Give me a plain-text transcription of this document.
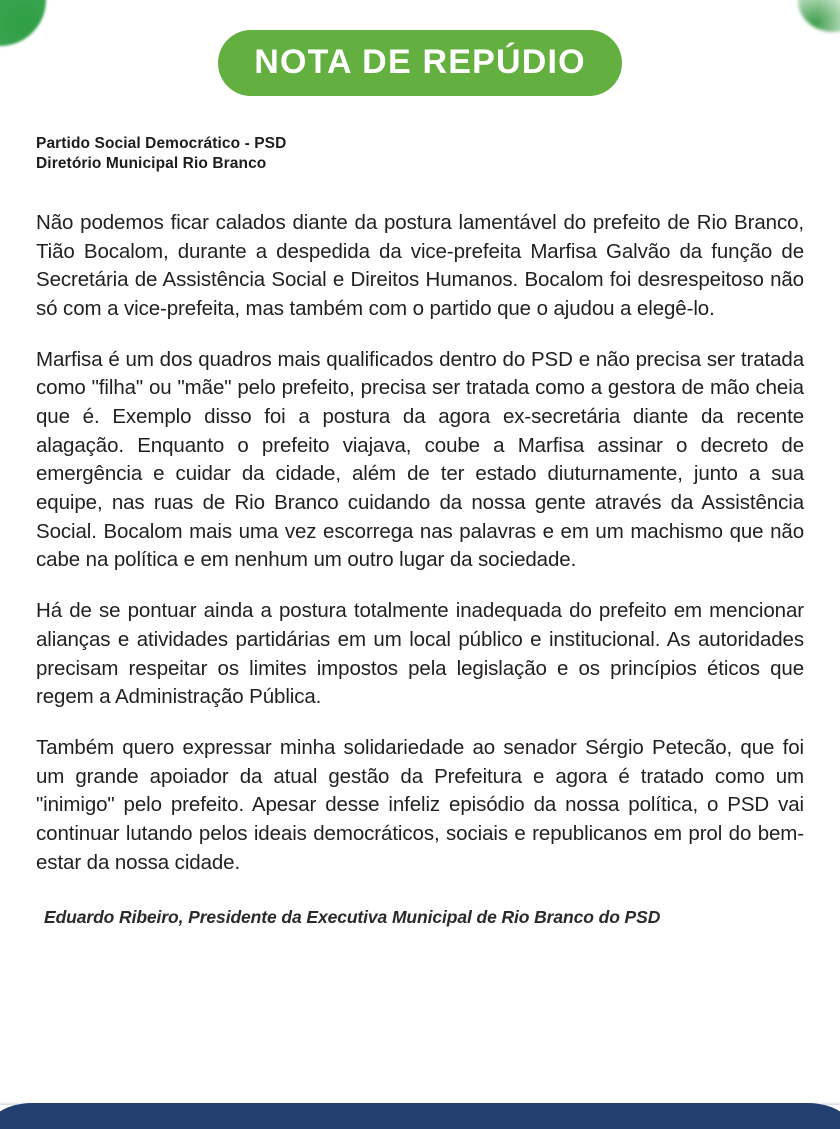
NOTA DE REPÚDIO
Partido Social Democrático - PSD
Diretório Municipal Rio Branco

Não podemos ficar calados diante da postura lamentável do prefeito de Rio Branco, Tião Bocalom, durante a despedida da vice-prefeita Marfisa Galvão da função de Secretária de Assistência Social e Direitos Humanos. Bocalom foi desrespeitoso não só com a vice-prefeita, mas também com o partido que o ajudou a elegê-lo.

Marfisa é um dos quadros mais qualificados dentro do PSD e não precisa ser tratada como "filha" ou "mãe" pelo prefeito, precisa ser tratada como a gestora de mão cheia que é. Exemplo disso foi a postura da agora ex-secretária diante da recente alagação. Enquanto o prefeito viajava, coube a Marfisa assinar o decreto de emergência e cuidar da cidade, além de ter estado diuturnamente, junto a sua equipe, nas ruas de Rio Branco cuidando da nossa gente através da Assistência Social. Bocalom mais uma vez escorrega nas palavras e em um machismo que não cabe na política e em nenhum um outro lugar da sociedade.

Há de se pontuar ainda a postura totalmente inadequada do prefeito em mencionar alianças e atividades partidárias em um local público e institucional. As autoridades precisam respeitar os limites impostos pela legislação e os princípios éticos que regem a Administração Pública.

Também quero expressar minha solidariedade ao senador Sérgio Petecão, que foi um grande apoiador da atual gestão da Prefeitura e agora é tratado como um "inimigo" pelo prefeito. Apesar desse infeliz episódio da nossa política, o PSD vai continuar lutando pelos ideais democráticos, sociais e republicanos em prol do bem-estar da nossa cidade.

Eduardo Ribeiro, Presidente da Executiva Municipal de Rio Branco do PSD
